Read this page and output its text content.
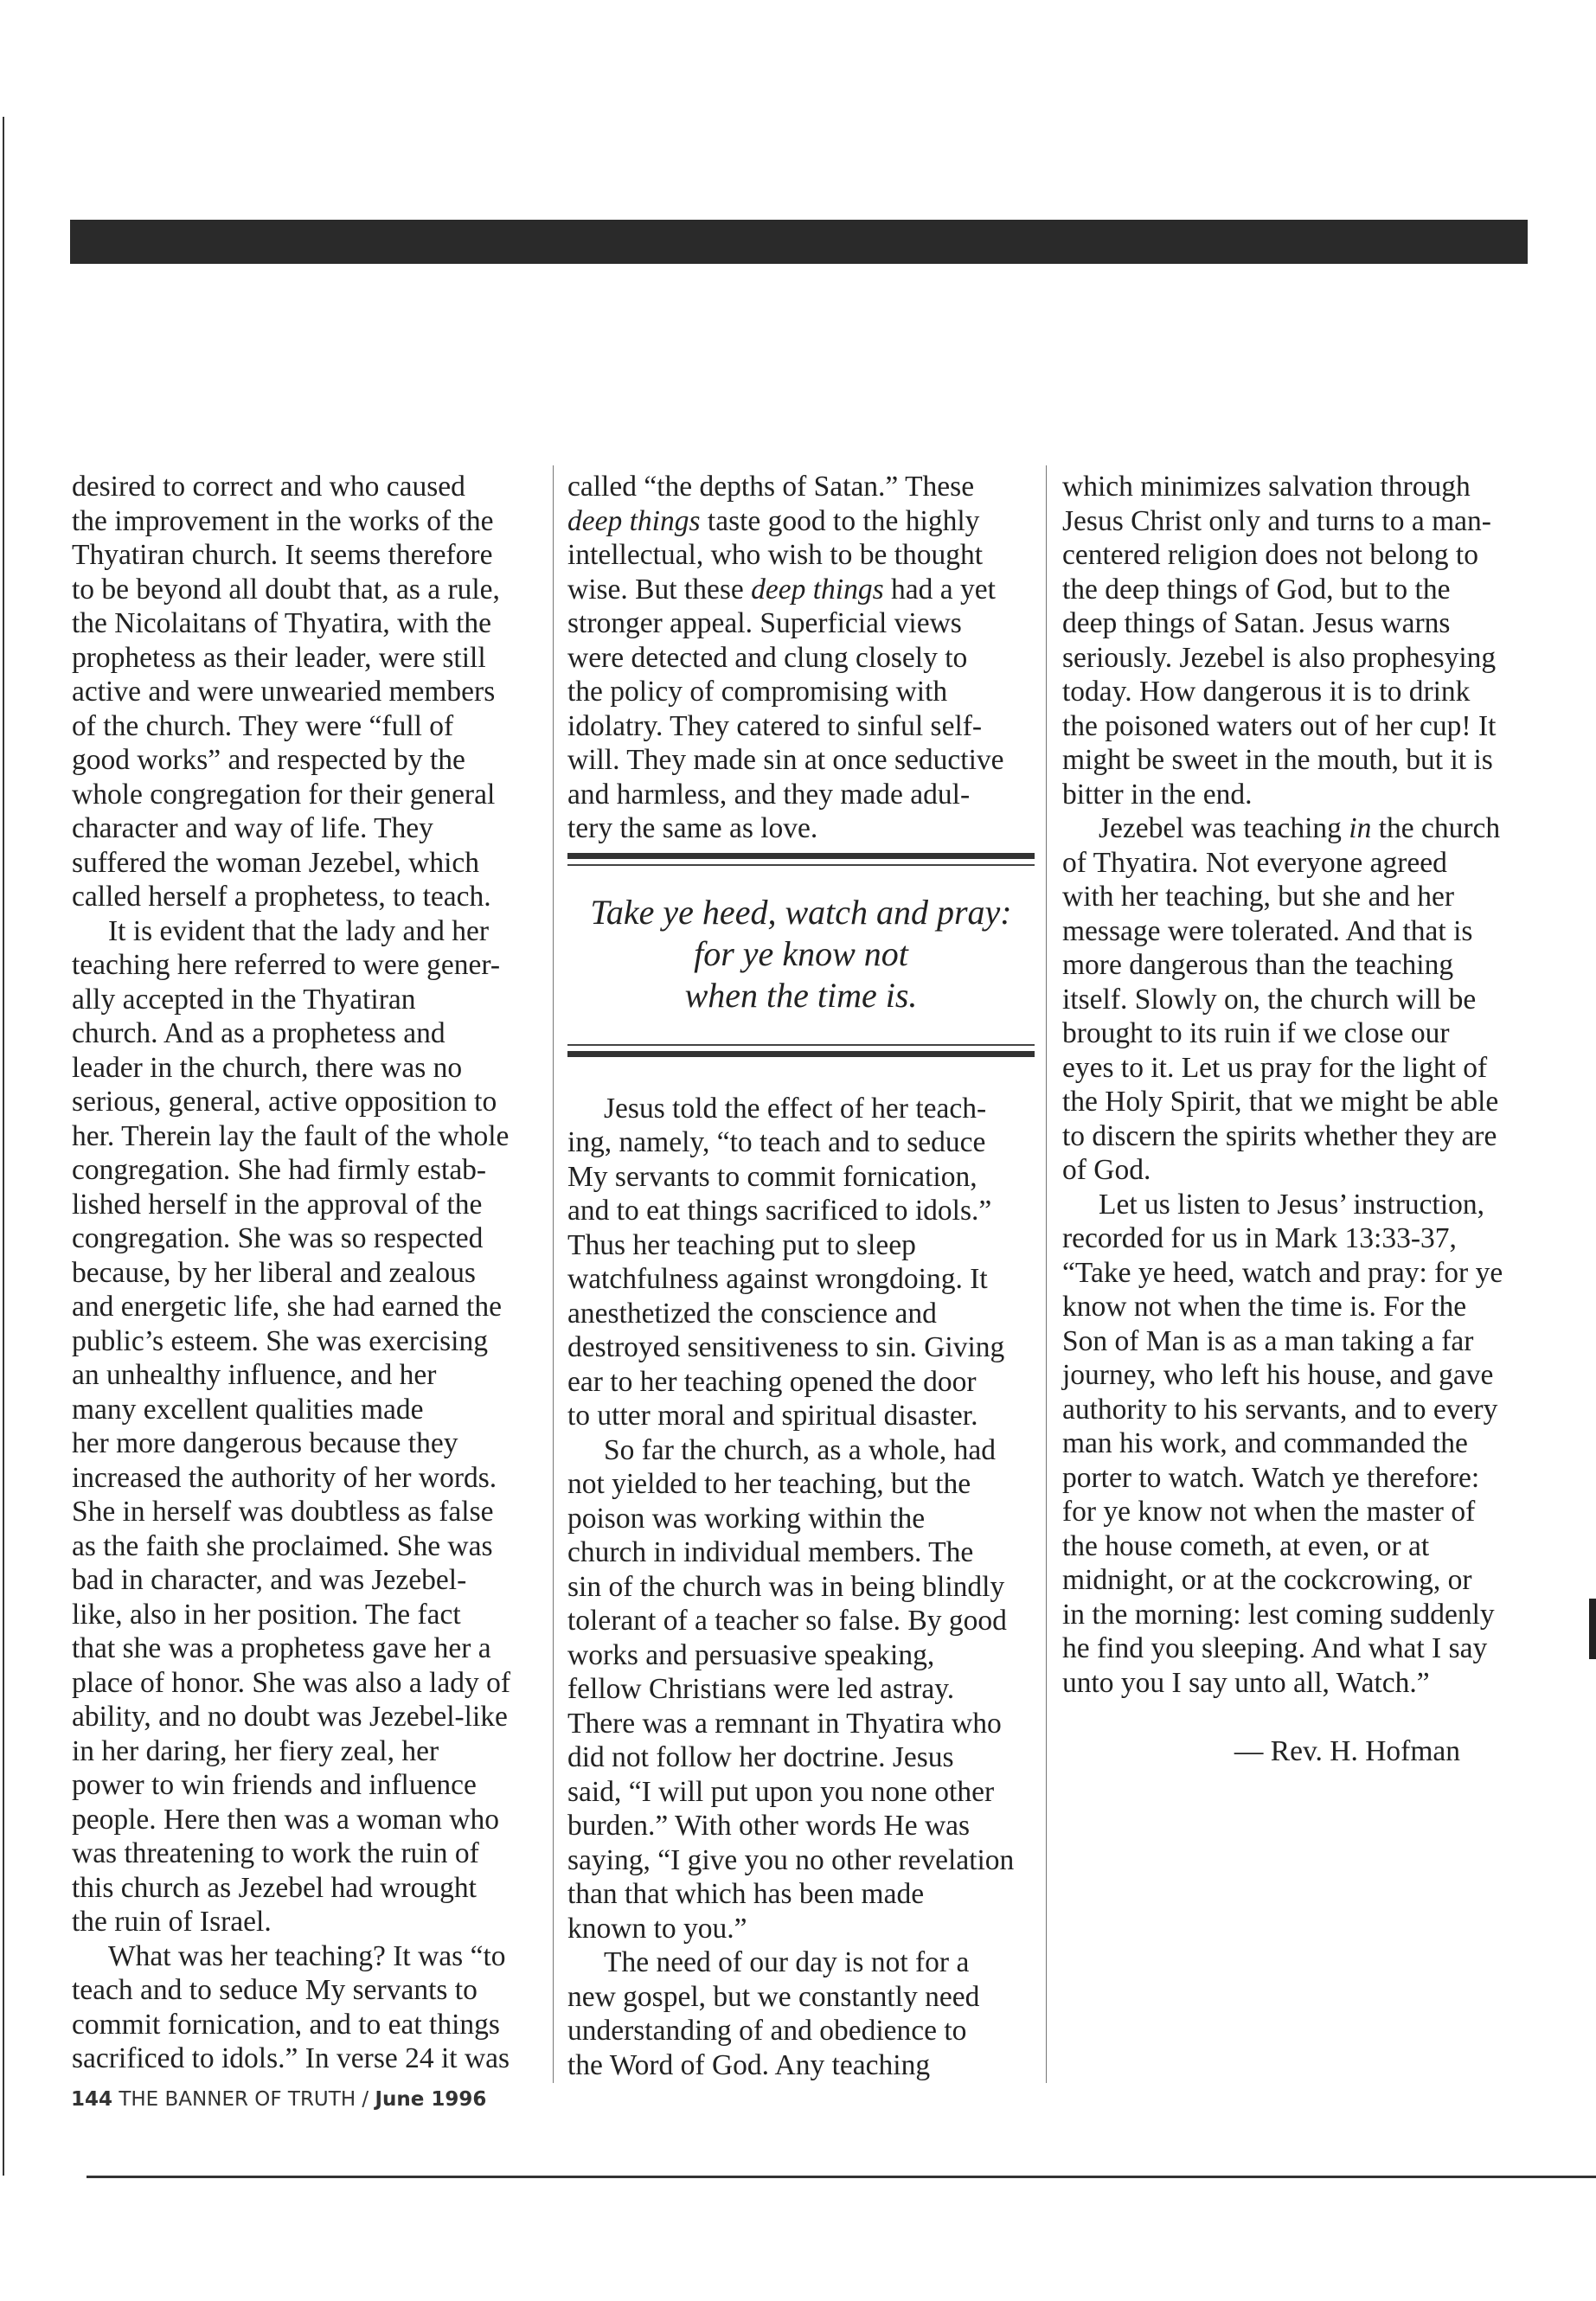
desired to correct and who caused
the improvement in the works of the
Thyatiran church. It seems therefore
to be beyond all doubt that, as a rule,
the Nicolaitans of Thyatira, with the
prophetess as their leader, were still
active and were unwearied members
of the church. They were “full of
good works” and respected by the
whole congregation for their general
character and way of life. They
suffered the woman Jezebel, which
called herself a prophetess, to teach.
It is evident that the lady and her
teaching here referred to were gener-
ally accepted in the Thyatiran
church. And as a prophetess and
leader in the church, there was no
serious, general, active opposition to
her. Therein lay the fault of the whole
congregation. She had firmly estab-
lished herself in the approval of the
congregation. She was so respected
because, by her liberal and zealous
and energetic life, she had earned the
public’s esteem. She was exercising
an unhealthy influence, and her
many excellent qualities made
her more dangerous because they
increased the authority of her words.
She in herself was doubtless as false
as the faith she proclaimed. She was
bad in character, and was Jezebel-
like, also in her position. The fact
that she was a prophetess gave her a
place of honor. She was also a lady of
ability, and no doubt was Jezebel-like
in her daring, her fiery zeal, her
power to win friends and influence
people. Here then was a woman who
was threatening to work the ruin of
this church as Jezebel had wrought
the ruin of Israel.
What was her teaching? It was “to
teach and to seduce My servants to
commit fornication, and to eat things
sacrificed to idols.” In verse 24 it was
called “the depths of Satan.” These
deep things taste good to the highly
intellectual, who wish to be thought
wise. But these deep things had a yet
stronger appeal. Superficial views
were detected and clung closely to
the policy of compromising with
idolatry. They catered to sinful self-
will. They made sin at once seductive
and harmless, and they made adul-
tery the same as love.
Take ye heed, watch and pray:
for ye know not
when the time is.
Jesus told the effect of her teach-
ing, namely, “to teach and to seduce
My servants to commit fornication,
and to eat things sacrificed to idols.”
Thus her teaching put to sleep
watchfulness against wrongdoing. It
anesthetized the conscience and
destroyed sensitiveness to sin. Giving
ear to her teaching opened the door
to utter moral and spiritual disaster.
So far the church, as a whole, had
not yielded to her teaching, but the
poison was working within the
church in individual members. The
sin of the church was in being blindly
tolerant of a teacher so false. By good
works and persuasive speaking,
fellow Christians were led astray.
There was a remnant in Thyatira who
did not follow her doctrine. Jesus
said, “I will put upon you none other
burden.” With other words He was
saying, “I give you no other revelation
than that which has been made
known to you.”
The need of our day is not for a
new gospel, but we constantly need
understanding of and obedience to
the Word of God. Any teaching
which minimizes salvation through
Jesus Christ only and turns to a man-
centered religion does not belong to
the deep things of God, but to the
deep things of Satan. Jesus warns
seriously. Jezebel is also prophesying
today. How dangerous it is to drink
the poisoned waters out of her cup! It
might be sweet in the mouth, but it is
bitter in the end.
Jezebel was teaching in the church
of Thyatira. Not everyone agreed
with her teaching, but she and her
message were tolerated. And that is
more dangerous than the teaching
itself. Slowly on, the church will be
brought to its ruin if we close our
eyes to it. Let us pray for the light of
the Holy Spirit, that we might be able
to discern the spirits whether they are
of God.
Let us listen to Jesus’ instruction,
recorded for us in Mark 13:33-37,
“Take ye heed, watch and pray: for ye
know not when the time is. For the
Son of Man is as a man taking a far
journey, who left his house, and gave
authority to his servants, and to every
man his work, and commanded the
porter to watch. Watch ye therefore:
for ye know not when the master of
the house cometh, at even, or at
midnight, or at the cockcrowing, or
in the morning: lest coming suddenly
he find you sleeping. And what I say
unto you I say unto all, Watch.”
— Rev. H. Hofman
144 THE BANNER OF TRUTH / June 1996
